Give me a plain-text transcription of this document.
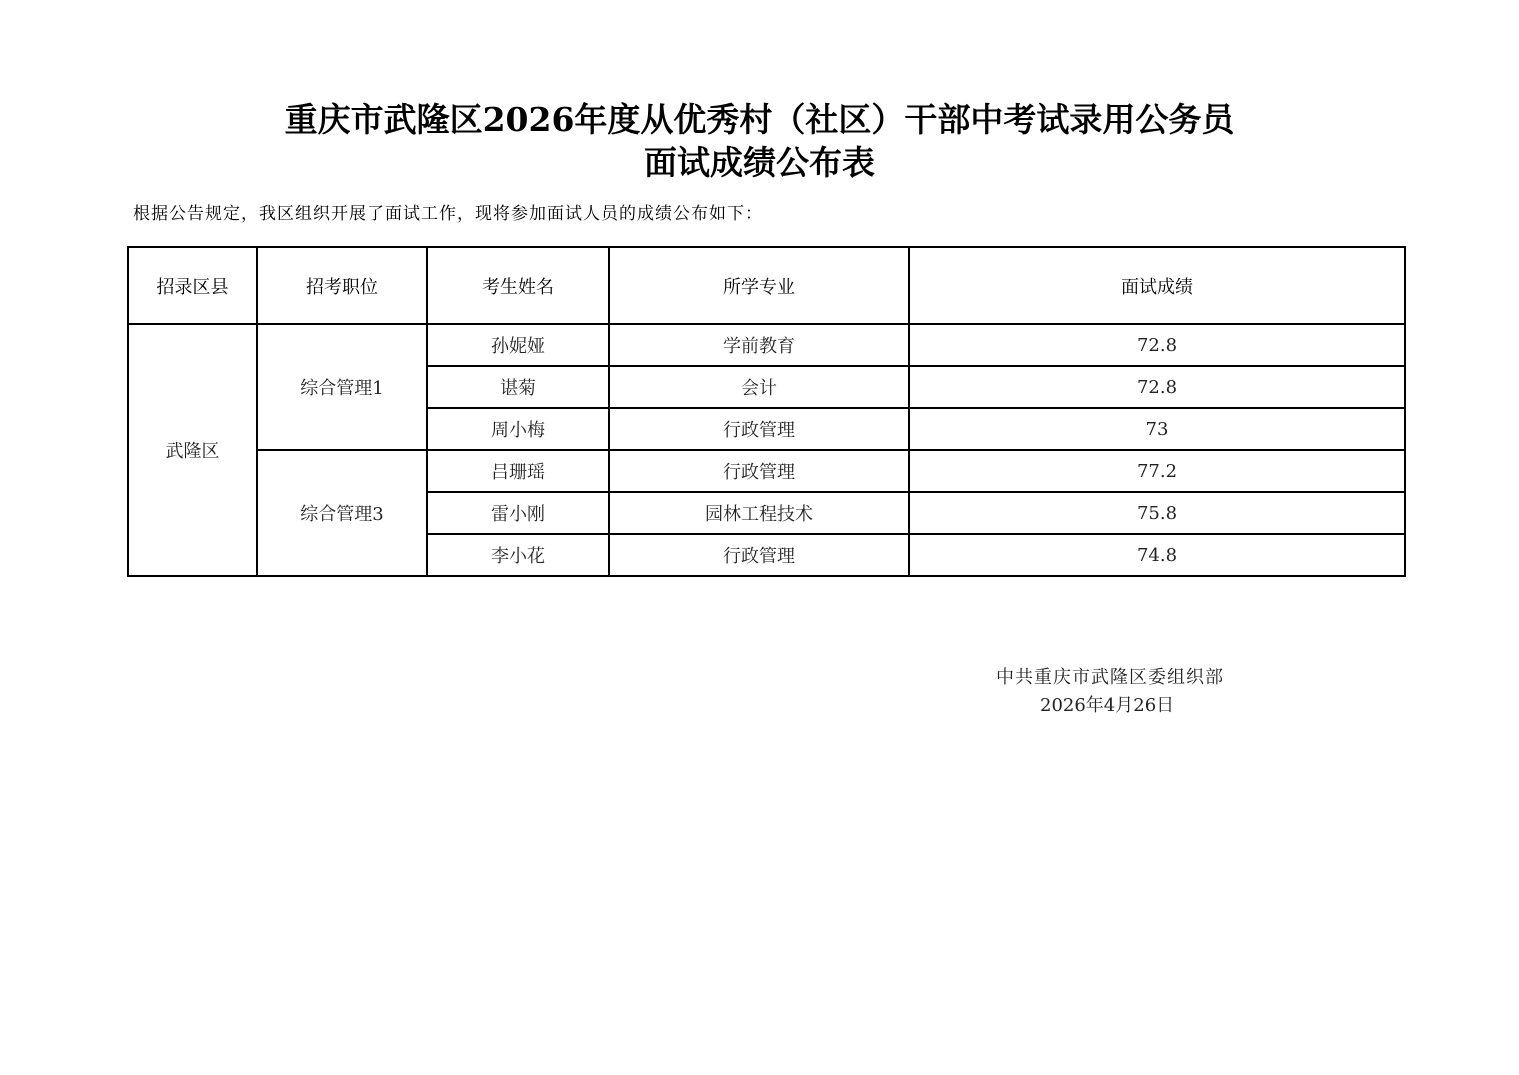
重庆市武隆区2026年度从优秀村（社区）干部中考试录用公务员
面试成绩公布表

根据公告规定，我区组织开展了面试工作，现将参加面试人员的成绩公布如下：

招录区县	招考职位	考生姓名	所学专业	面试成绩
武隆区	综合管理1	孙妮娅	学前教育	72.8
		谌菊	会计	72.8
		周小梅	行政管理	73
	综合管理3	吕珊瑶	行政管理	77.2
		雷小刚	园林工程技术	75.8
		李小花	行政管理	74.8

中共重庆市武隆区委组织部

2026年4月26日
